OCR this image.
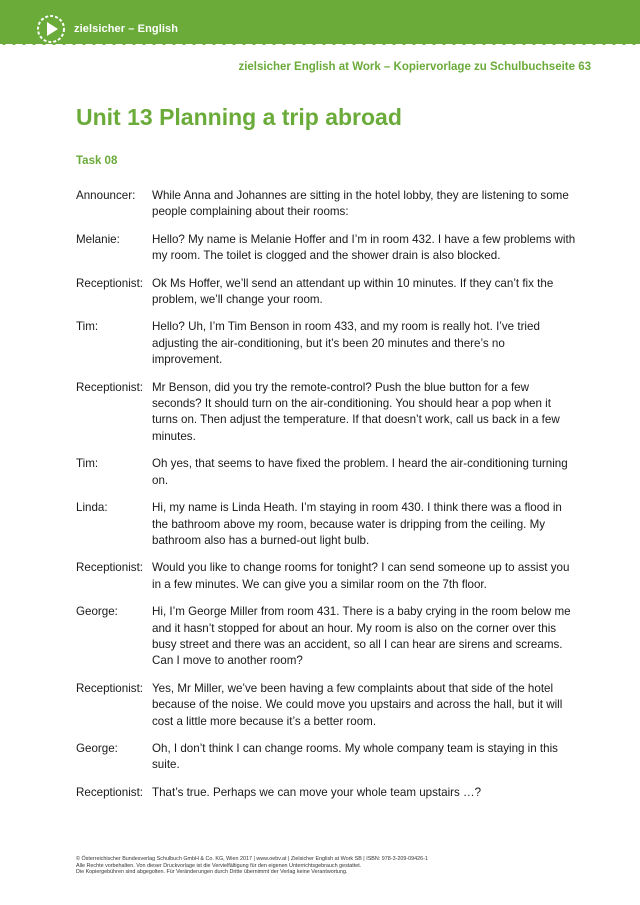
zielsicher – English
zielsicher English at Work – Kopiervorlage zu Schulbuchseite 63
Unit 13 Planning a trip abroad
Task 08
Announcer:	While Anna and Johannes are sitting in the hotel lobby, they are listening to some people complaining about their rooms:
Melanie:	Hello? My name is Melanie Hoffer and I’m in room 432. I have a few problems with my room. The toilet is clogged and the shower drain is also blocked.
Receptionist: Ok Ms Hoffer, we’ll send an attendant up within 10 minutes. If they can’t fix the problem, we’ll change your room.
Tim:	Hello? Uh, I’m Tim Benson in room 433, and my room is really hot. I’ve tried adjusting the air-conditioning, but it’s been 20 minutes and there’s no improvement.
Receptionist: Mr Benson, did you try the remote-control? Push the blue button for a few seconds? It should turn on the air-conditioning. You should hear a pop when it turns on. Then adjust the temperature. If that doesn’t work, call us back in a few minutes.
Tim:	Oh yes, that seems to have fixed the problem. I heard the air-conditioning turning on.
Linda:	Hi, my name is Linda Heath. I’m staying in room 430. I think there was a flood in the bathroom above my room, because water is dripping from the ceiling. My bathroom also has a burned-out light bulb.
Receptionist: Would you like to change rooms for tonight? I can send someone up to assist you in a few minutes. We can give you a similar room on the 7th floor.
George:	Hi, I’m George Miller from room 431. There is a baby crying in the room below me and it hasn’t stopped for about an hour. My room is also on the corner over this busy street and there was an accident, so all I can hear are sirens and screams. Can I move to another room?
Receptionist: Yes, Mr Miller, we’ve been having a few complaints about that side of the hotel because of the noise. We could move you upstairs and across the hall, but it will cost a little more because it’s a better room.
George:	Oh, I don’t think I can change rooms. My whole company team is staying in this suite.
Receptionist: That’s true. Perhaps we can move your whole team upstairs …?
© Österreichischer Bundesverlag Schulbuch GmbH & Co. KG, Wien 2017 | www.oebv.at | Zielsicher English at Work SB | ISBN: 978-3-209-09426-1
Alle Rechte vorbehalten. Von dieser Druckvorlage ist die Vervielfältigung für den eigenen Unterrichtsgebrauch gestattet.
Die Kopiergebühren sind abgegolten. Für Veränderungen durch Dritte übernimmt der Verlag keine Verantwortung.
